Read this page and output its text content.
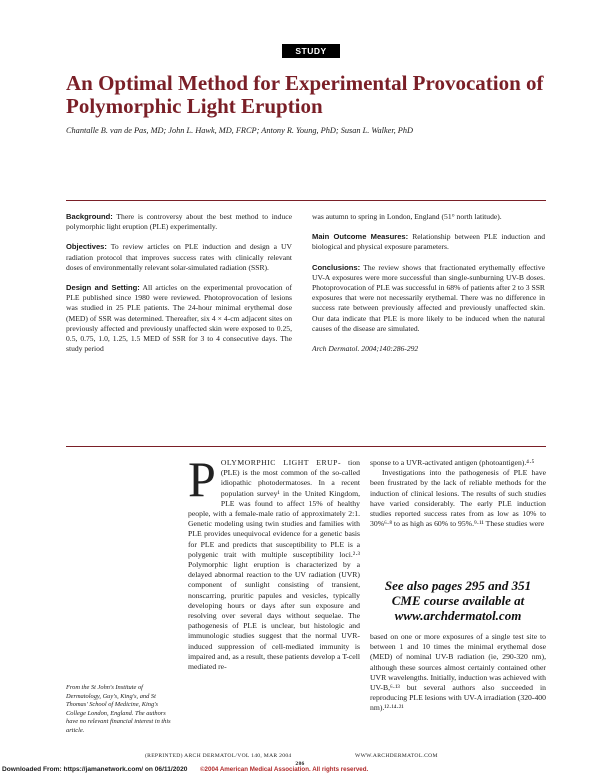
STUDY
An Optimal Method for Experimental Provocation of Polymorphic Light Eruption
Chantalle B. van de Pas, MD; John L. Hawk, MD, FRCP; Antony R. Young, PhD; Susan L. Walker, PhD

Background: There is controversy about the best method to induce polymorphic light eruption (PLE) experimentally.

Objectives: To review articles on PLE induction and design a UV radiation protocol that improves success rates with clinically relevant doses of environmentally relevant solar-simulated radiation (SSR).

Design and Setting: All articles on the experimental provocation of PLE published since 1980 were reviewed. Photoprovocation of lesions was studied in 25 PLE patients. The 24-hour minimal erythemal dose (MED) of SSR was determined. Thereafter, six 4 × 4-cm adjacent sites on previously affected and previously unaffected skin were exposed to 0.25, 0.5, 0.75, 1.0, 1.25, 1.5 MED of SSR for 3 to 4 consecutive days. The study period

was autumn to spring in London, England (51° north latitude).

Main Outcome Measures: Relationship between PLE induction and biological and physical exposure parameters.

Conclusions: The review shows that fractionated erythemally effective UV-A exposures were more successful than single-sunburning UV-B doses. Photoprovocation of PLE was successful in 68% of patients after 2 to 3 SSR exposures that were not necessarily erythemal. There was no difference in success rate between previously affected and previously unaffected skin. Our data indicate that PLE is more likely to be induced when the natural causes of the disease are simulated.

Arch Dermatol. 2004;140:286-292

POLYMORPHIC LIGHT ERUP- tion (PLE) is the most common of the so-called idiopathic photodermatoses. In a recent population survey¹ in the United Kingdom, PLE was found to affect 15% of healthy people, with a female-male ratio of approximately 2:1. Genetic modeling using twin studies and families with PLE provides unequivocal evidence for a genetic basis for PLE and predicts that susceptibility to PLE is a polygenic trait with multiple susceptibility loci.²·³ Polymorphic light eruption is characterized by a delayed abnormal reaction to the UV radiation (UVR) component of sunlight consisting of transient, nonscarring, pruritic papules and vesicles, typically developing hours or days after sun exposure and resolving over several days without sequelae. The pathogenesis of PLE is unclear, but histologic and immunologic studies suggest that the normal UVR-induced suppression of cell-mediated immunity is impaired and, as a result, these patients develop a T-cell mediated re-

sponse to a UVR-activated antigen (photoantigen).⁴·⁵

Investigations into the pathogenesis of PLE have been frustrated by the lack of reliable methods for the induction of clinical lesions. The results of such studies have varied considerably. The early PLE induction studies reported success rates from as low as 10% to 30%⁶·⁸ to as high as 60% to 95%.⁹·¹¹ These studies were

See also pages 295 and 351
CME course available at
www.archdermatol.com

based on one or more exposures of a single test site to between 1 and 10 times the minimal erythemal dose (MED) of nominal UV-B radiation (ie, 290-320 nm), although these sources almost certainly contained other UVR wavelengths. Initially, induction was achieved with UV-B,⁶·¹³ but several authors also succeeded in reproducing PLE lesions with UV-A irradiation (320-400 nm).¹²·¹⁴·²¹

From the St John's Institute of Dermatology, Guy's, King's, and St Thomas' School of Medicine, King's College London, England. The authors have no relevant financial interest in this article.
(REPRINTED) ARCH DERMATOL/VOL 140, MAR 2004	WWW.ARCHDERMATOL.COM
286
©2004 American Medical Association. All rights reserved.
Downloaded From: https://jamanetwork.com/ on 06/11/2020
